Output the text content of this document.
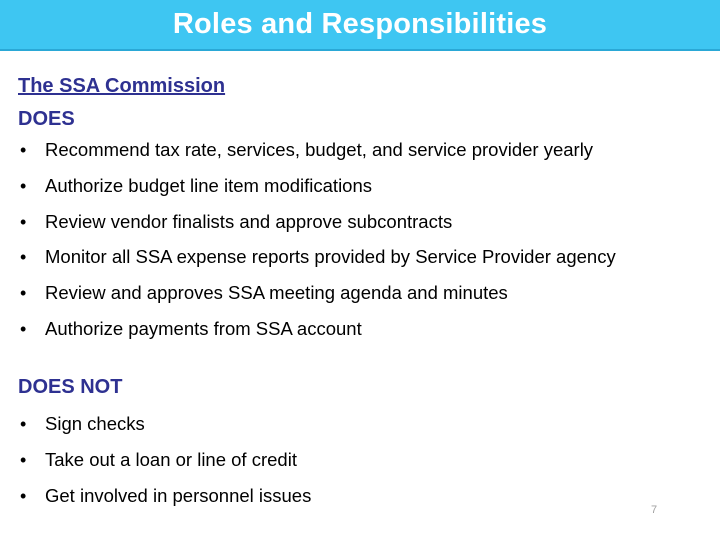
Roles and Responsibilities
The SSA Commission
DOES
• Recommend tax rate, services, budget, and service provider yearly
• Authorize budget line item modifications
• Review vendor finalists and approve subcontracts
• Monitor all SSA expense reports provided by Service Provider agency
• Review and approves SSA meeting agenda and minutes
• Authorize payments from SSA account
DOES NOT
• Sign checks
• Take out a loan or line of credit
• Get involved in personnel issues
7
